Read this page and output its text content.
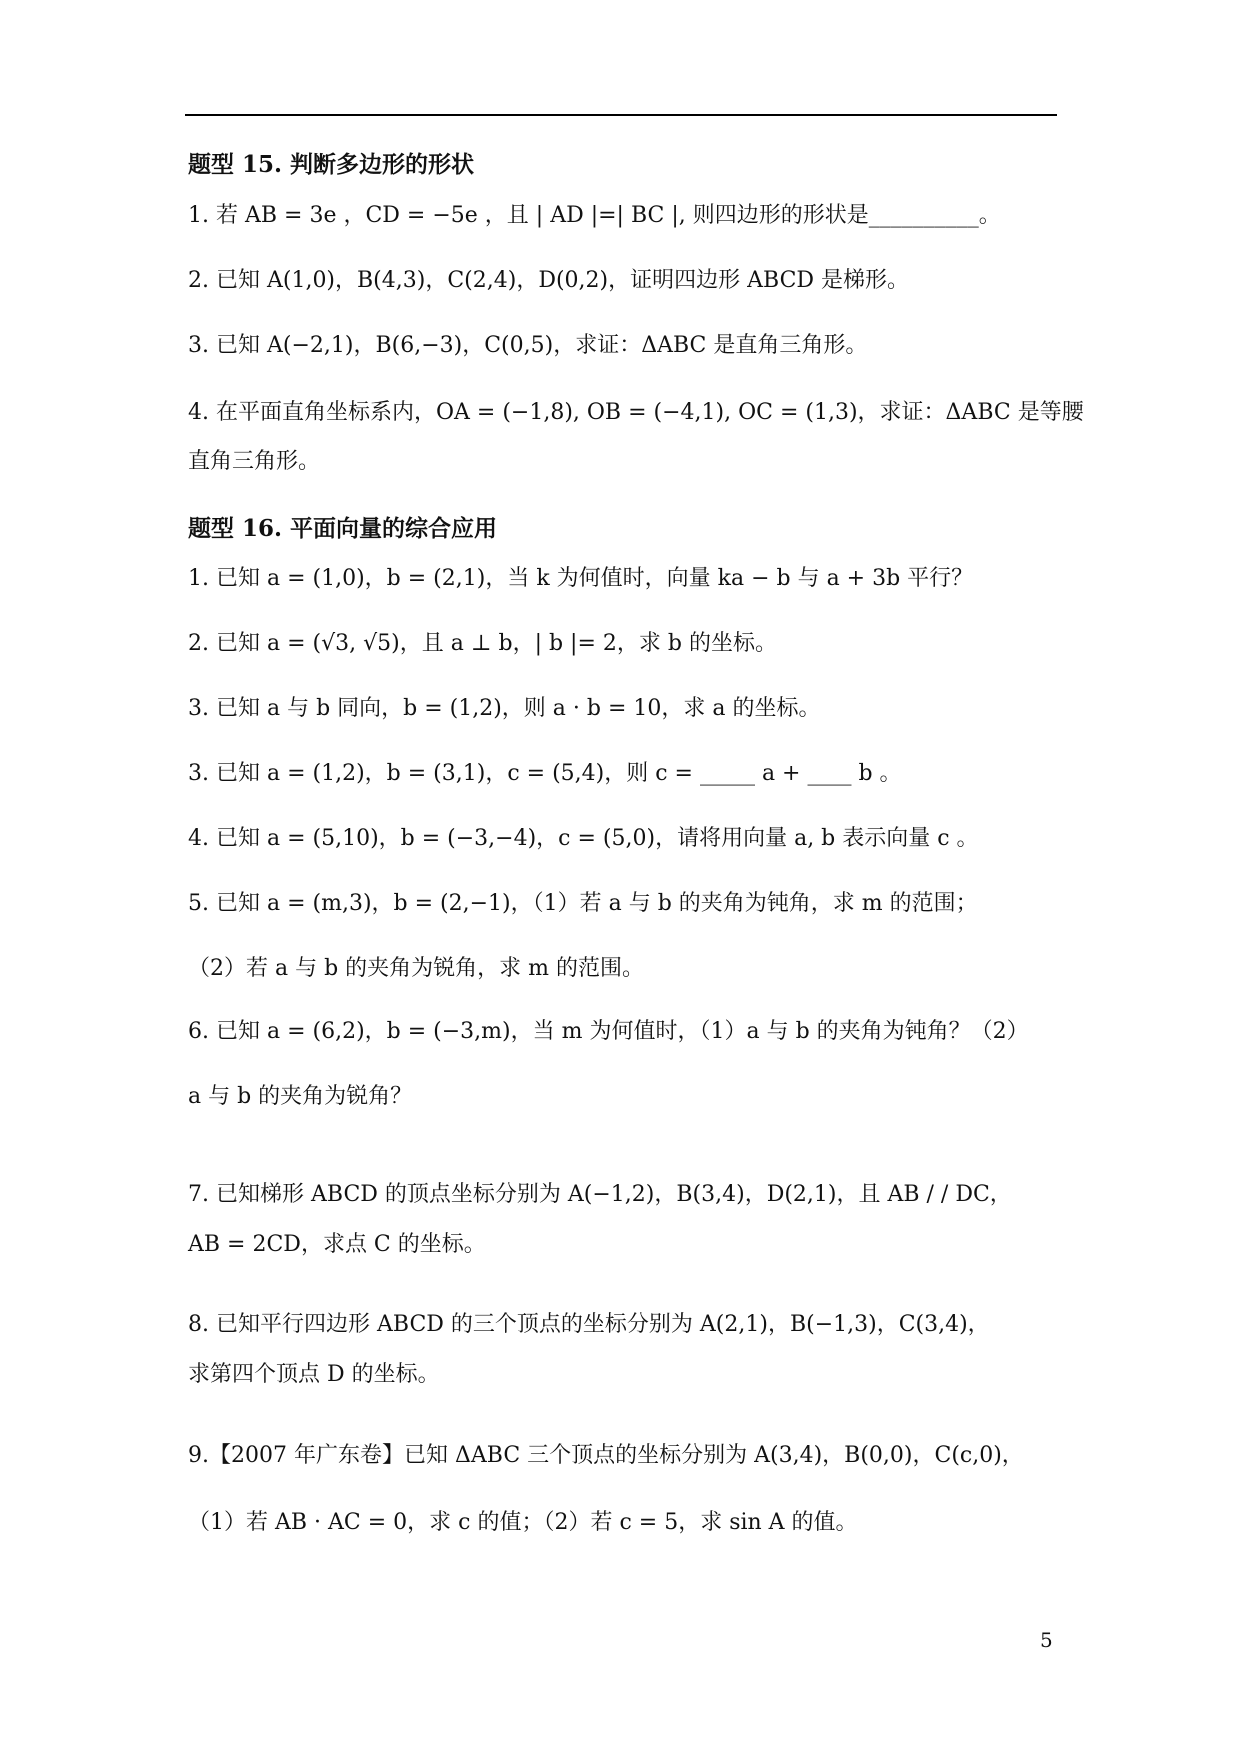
题型 15. 判断多边形的形状
1. 若 AB = 3e ，CD = −5e ，且 | AD |=| BC |, 则四边形的形状是__________。
2. 已知 A(1,0)，B(4,3)，C(2,4)，D(0,2)，证明四边形 ABCD 是梯形。
3. 已知 A(−2,1)，B(6,−3)，C(0,5)，求证：ΔABC 是直角三角形。
4. 在平面直角坐标系内，OA = (−1,8), OB = (−4,1), OC = (1,3)，求证：ΔABC 是等腰
直角三角形。
题型 16. 平面向量的综合应用
1. 已知 a = (1,0)，b = (2,1)，当 k 为何值时，向量 ka − b 与 a + 3b 平行？
2. 已知 a = (√3, √5)，且 a ⊥ b，| b |= 2，求 b 的坐标。
3. 已知 a 与 b 同向，b = (1,2)，则 a · b = 10，求 a 的坐标。
3. 已知 a = (1,2)，b = (3,1)，c = (5,4)，则 c = _____ a + ____ b 。
4. 已知 a = (5,10)，b = (−3,−4)，c = (5,0)，请将用向量 a, b 表示向量 c 。
5. 已知 a = (m,3)，b = (2,−1)，（1）若 a 与 b 的夹角为钝角，求 m 的范围；
（2）若 a 与 b 的夹角为锐角，求 m 的范围。
6. 已知 a = (6,2)，b = (−3,m)，当 m 为何值时，（1）a 与 b 的夹角为钝角？（2）
a 与 b 的夹角为锐角？
7. 已知梯形 ABCD 的顶点坐标分别为 A(−1,2)，B(3,4)，D(2,1)，且 AB / / DC，
AB = 2CD，求点 C 的坐标。
8. 已知平行四边形 ABCD 的三个顶点的坐标分别为 A(2,1)，B(−1,3)，C(3,4)，
求第四个顶点 D 的坐标。
9.【2007 年广东卷】已知 ΔABC 三个顶点的坐标分别为 A(3,4)，B(0,0)，C(c,0)，
（1）若 AB · AC = 0，求 c 的值；（2）若 c = 5，求 sin A 的值。
5
